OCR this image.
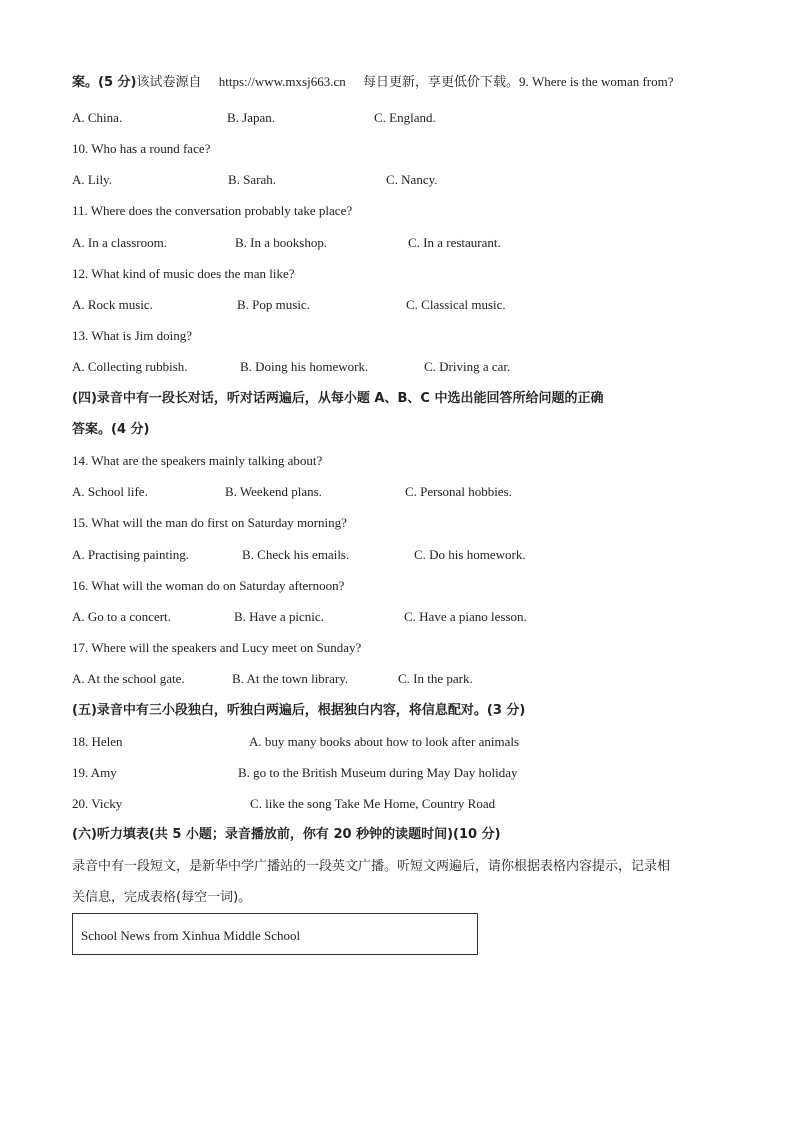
案。(5 分)该试卷源自 https://www.mxsj663.cn 每日更新，享更低价下载。9. Where is the woman from?
A. China.	B. Japan.	C. England.
10. Who has a round face?
A. Lily.	B. Sarah.	C. Nancy.
11. Where does the conversation probably take place?
A. In a classroom.	B. In a bookshop.	C. In a restaurant.
12. What kind of music does the man like?
A. Rock music.	B. Pop music.	C. Classical music.
13. What is Jim doing?
A. Collecting rubbish.	B. Doing his homework.	C. Driving a car.
(四)录音中有一段长对话，听对话两遍后，从每小题 A、B、C 中选出能回答所给问题的正确
答案。(4 分)
14. What are the speakers mainly talking about?
A. School life.	B. Weekend plans.	C. Personal hobbies.
15. What will the man do first on Saturday morning?
A. Practising painting.	B. Check his emails.	C. Do his homework.
16. What will the woman do on Saturday afternoon?
A. Go to a concert.	B. Have a picnic.	C. Have a piano lesson.
17. Where will the speakers and Lucy meet on Sunday?
A. At the school gate.	B. At the town library.	C. In the park.
(五)录音中有三小段独白，听独白两遍后，根据独白内容，将信息配对。(3 分)
18. Helen	A. buy many books about how to look after animals
19. Amy	B. go to the British Museum during May Day holiday
20. Vicky	C. like the song Take Me Home, Country Road
(六)听力填表(共 5 小题；录音播放前，你有 20 秒钟的读题时间)(10 分)
录音中有一段短文，是新华中学广播站的一段英文广播。听短文两遍后，请你根据表格内容提示，记录相
关信息，完成表格(每空一词)。
School News from Xinhua Middle School
